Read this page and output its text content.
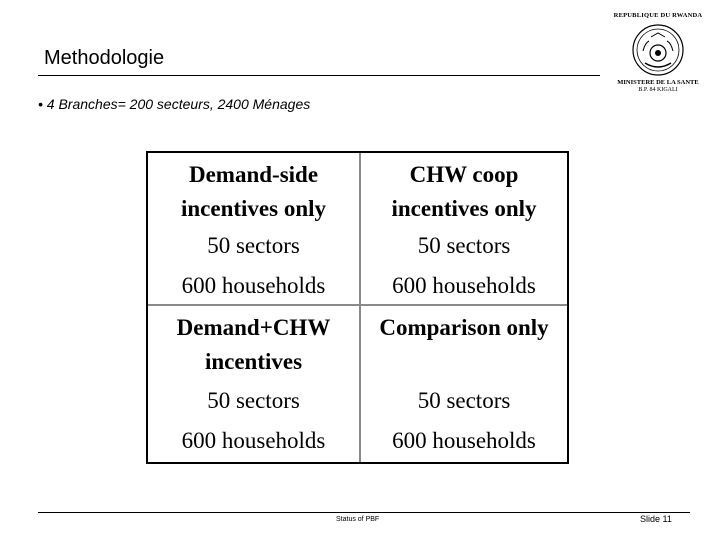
Methodologie
• 4 Branches= 200 secteurs, 2400 Ménages
REPUBLIQUE DU RWANDA
MINISTERE DE LA SANTE
B.P. 84 KIGALI
Demand-side incentives only
50 sectors
600 households
CHW coop incentives only
50 sectors
600 households
Demand+CHW incentives
50 sectors
600 households
Comparison only
50 sectors
600 households
Status of PBF	Slide 11
